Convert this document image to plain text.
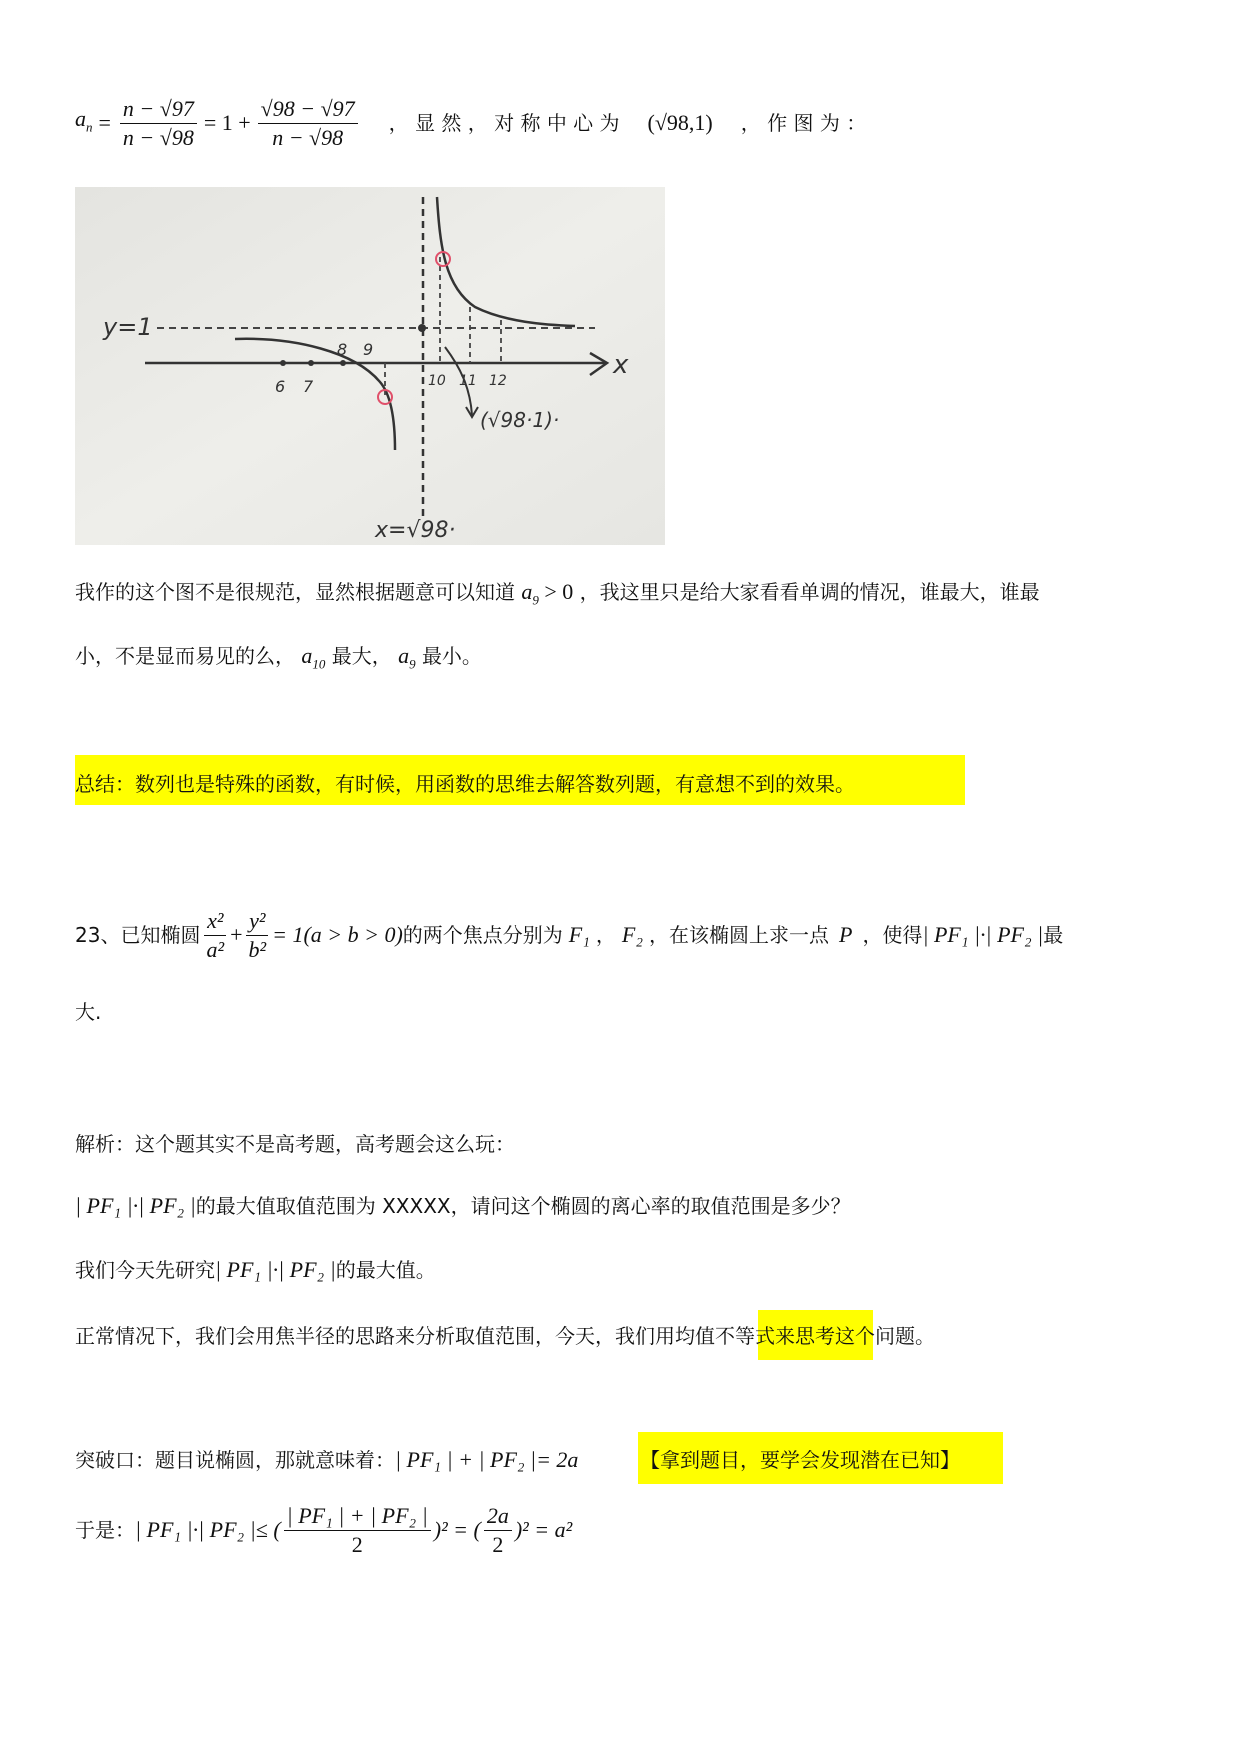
$a_n = \frac{n - √97}{n - √98} = 1 + \frac{√98 - √97}{n - √98}$ ， 显 然 ， 对 称 中 心 为 (√98,1) ， 作 图 为 ：
y=1
x
6 7
8 9
10 11 12
(√98·1)·
x=√98·
我作的这个图不是很规范，显然根据题意可以知道 $a_9 > 0$ ，我这里只是给大家看看单调的情况，谁最大，谁最
小，不是显而易见的么， $a_{10}$ 最大， $a_9$ 最小。
总结：数列也是特殊的函数，有时候，用函数的思维去解答数列题，有意想不到的效果。
23、已知椭圆 $\frac{\text{x²}}{\text{a²}} + \frac{\text{y²}}{\text{b²}} = 1(a > b > 0)$ 的两个焦点分别为 F₁ ， F₂ ，在该椭圆上求一点 P ，使得 | PF₁ |·| PF₂ | 最
大.
解析：这个题其实不是高考题，高考题会这么玩：
| PF₁ |·| PF₂ |的最大值取值范围为 XXXXX，请问这个椭圆的离心率的取值范围是多少？
我们今天先研究| PF₁ |·| PF₂ |的最大值。
正常情况下，我们会用焦半径的思路来分析取值范围，今天，我们用均值不等式来思考这个问题。
突破口：题目说椭圆，那就意味着：| PF₁ | + | PF₂ |= 2a	【拿到题目，要学会发现潜在已知】
于是： | PF₁ |·| PF₂ |≤ ( $\frac{\text{| PF₁ | + | PF₂ |}}{2} )^2$ = ( $\frac{2a}{2} )^2 = a^2$
